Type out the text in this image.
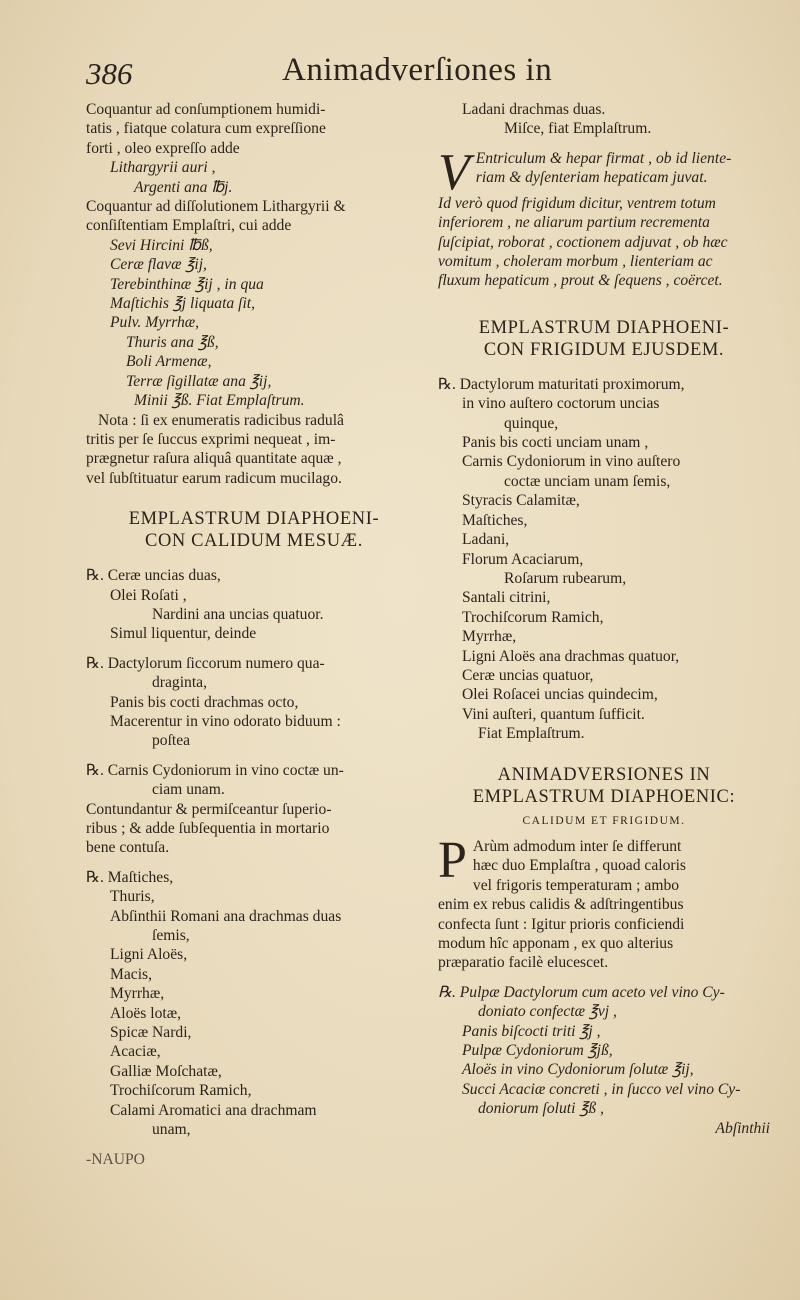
386	Animadverſiones in

Coquantur ad conſumptionem humidi-

tatis , fiatque colatura cum expreſſione

forti , oleo expreſſo adde

Lithargyrii auri ,

Argenti ana ℔j.

Coquantur ad diſſolutionem Lithargyrii &

conſiſtentiam Emplaſtri, cui adde

Sevi Hircini ℔ß,

Ceræ flavæ ℥ij,

Terebinthinæ ℥ij , in qua

Maſtichis ℥j liquata ſit,

Pulv. Myrrhæ,

Thuris ana ℥ß,

Boli Armenæ,

Terræ ſigillatæ ana ℥ij,

Minii ℥ß. Fiat Emplaſtrum.

Nota : ſi ex enumeratis radicibus radulâ

tritis per ſe ſuccus exprimi nequeat , im-

prægnetur raſura aliquâ quantitate aquæ ,

vel ſubſtituatur earum radicum mucilago.

EMPLASTRUM DIAPHOENI-
CON CALIDUM MESUÆ.

℞. Ceræ uncias duas,

Olei Roſati ,

Nardini ana uncias quatuor.

Simul liquentur, deinde

℞. Dactylorum ſiccorum numero qua-

draginta,

Panis bis cocti drachmas octo,

Macerentur in vino odorato biduum :

poſtea

℞. Carnis Cydoniorum in vino coctæ un-

ciam unam.

Contundantur & permiſceantur ſuperio-

ribus ; & adde ſubſequentia in mortario

bene contuſa.

℞. Maſtiches,

Thuris,

Abſinthii Romani ana drachmas duas

ſemis,

Ligni Aloës,

Macis,

Myrrhæ,

Aloës lotæ,

Spicæ Nardi,

Acaciæ,

Galliæ Moſchatæ,

Trochiſcorum Ramich,

Calami Aromatici ana drachmam

unam,

-NAUPO

Ladani drachmas duas.

Miſce, fiat Emplaſtrum.

V Entriculum & hepar firmat , ob id liente-

riam & dyſenteriam hepaticam juvat.

Id verò quod frigidum dicitur, ventrem totum

inferiorem , ne aliarum partium recrementa

ſuſcipiat, roborat , coctionem adjuvat , ob hæc

vomitum , choleram morbum , lienteriam ac

fluxum hepaticum , prout & ſequens , coërcet.

EMPLASTRUM DIAPHOENI-
CON FRIGIDUM EJUSDEM.

℞. Dactylorum maturitati proximorum,

in vino auſtero coctorum uncias

quinque,

Panis bis cocti unciam unam ,

Carnis Cydoniorum in vino auſtero

coctæ unciam unam ſemis,

Styracis Calamitæ,

Maſtiches,

Ladani,

Florum Acaciarum,

Roſarum rubearum,

Santali citrini,

Trochiſcorum Ramich,

Myrrhæ,

Ligni Aloës ana drachmas quatuor,

Ceræ uncias quatuor,

Olei Roſacei uncias quindecim,

Vini auſteri, quantum ſufficit.

Fiat Emplaſtrum.

ANIMADVERSIONES IN
EMPLASTRUM DIAPHOENIC:
CALIDUM ET FRIGIDUM.
P Arùm admodum inter ſe differunt

hæc duo Emplaſtra , quoad caloris

vel frigoris temperaturam ; ambo

enim ex rebus calidis & adſtringentibus

confecta ſunt : Igitur prioris conficiendi

modum hîc apponam , ex quo alterius

præparatio facilè elucescet.

℞. Pulpæ Dactylorum cum aceto vel vino Cy-

doniato confectæ ℥vj ,

Panis biſcocti triti ℥j ,

Pulpæ Cydoniorum ℥jß,

Aloës in vino Cydoniorum ſolutæ ℥ij,

Succi Acaciæ concreti , in ſucco vel vino Cy-

doniorum ſoluti ℥ß ,

Abſinthii
